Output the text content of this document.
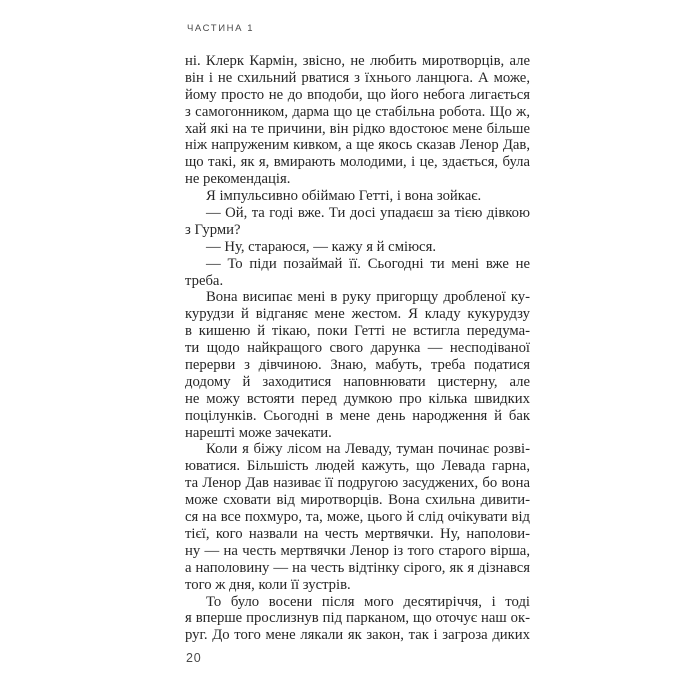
ЧАСТИНА 1
ні. Клерк Кармін, звісно, не любить миротворців, але
він і не схильний рватися з їхнього ланцюга. А може,
йому просто не до вподоби, що його небога лигається
з самогонником, дарма що це стабільна робота. Що ж,
хай які на те причини, він рідко вдостоює мене більше
ніж напруженим кивком, а ще якось сказав Ленор Дав,
що такі, як я, вмирають молодими, і це, здається, була
не рекомендація.
Я імпульсивно обіймаю Гетті, і вона зойкає.
— Ой, та годі вже. Ти досі упадаєш за тією дівкою
з Гурми?
— Ну, стараюся, — кажу я й сміюся.
— То піди позаймай її. Сьогодні ти мені вже не
треба.
Вона висипає мені в руку пригорщу дробленої ку-
курудзи й відганяє мене жестом. Я кладу кукурудзу
в кишеню й тікаю, поки Гетті не встигла передума-
ти щодо найкращого свого дарунка — несподіваної
перерви з дівчиною. Знаю, мабуть, треба податися
додому й заходитися наповнювати цистерну, але
не можу встояти перед думкою про кілька швидких
поцілунків. Сьогодні в мене день народження й бак
нарешті може зачекати.
Коли я біжу лісом на Леваду, туман починає розві-
юватися. Більшість людей кажуть, що Левада гарна,
та Ленор Дав називає її подругою засуджених, бо вона
може сховати від миротворців. Вона схильна дивити-
ся на все похмуро, та, може, цього й слід очікувати від
тієї, кого назвали на честь мертвячки. Ну, наполови-
ну — на честь мертвячки Ленор із того старого вірша,
а наполовину — на честь відтінку сірого, як я дізнався
того ж дня, коли її зустрів.
То було восени після мого десятиріччя, і тоді
я вперше прослизнув під парканом, що оточує наш ок-
руг. До того мене лякали як закон, так і загроза диких
20
